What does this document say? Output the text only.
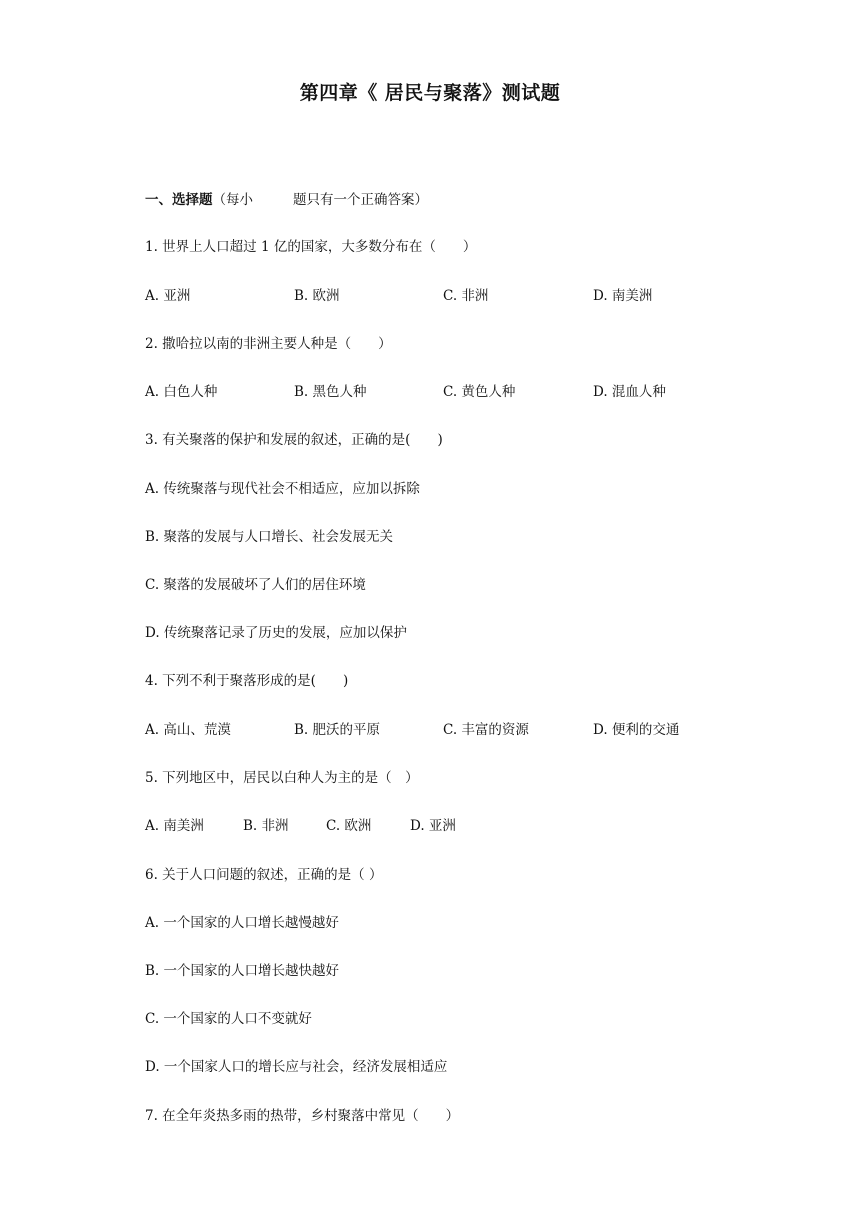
第四章《 居民与聚落》测试题
一、选择题（每小	题只有一个正确答案）
1. 世界上人口超过 1 亿的国家，大多数分布在（　　）

A. 亚洲

	B. 欧洲

	C. 非洲

	D. 南美洲

2. 撒哈拉以南的非洲主要人种是（　　）

A. 白色人种

	B. 黑色人种

	C. 黄色人种

	D. 混血人种

3. 有关聚落的保护和发展的叙述，正确的是(　　)
A. 传统聚落与现代社会不相适应，应加以拆除
B. 聚落的发展与人口增长、社会发展无关
C. 聚落的发展破坏了人们的居住环境
D. 传统聚落记录了历史的发展，应加以保护
4. 下列不利于聚落形成的是(　　)

A. 高山、荒漠

	B. 肥沃的平原

	C. 丰富的资源

	D. 便利的交通

5. 下列地区中，居民以白种人为主的是（　）

A. 南美洲

	B. 非洲

	C. 欧洲

	D. 亚洲

6. 关于人口问题的叙述，正确的是（ ）
A. 一个国家的人口增长越慢越好
B. 一个国家的人口增长越快越好
C. 一个国家的人口不变就好
D. 一个国家人口的增长应与社会，经济发展相适应
7. 在全年炎热多雨的热带，乡村聚落中常见（　　）
